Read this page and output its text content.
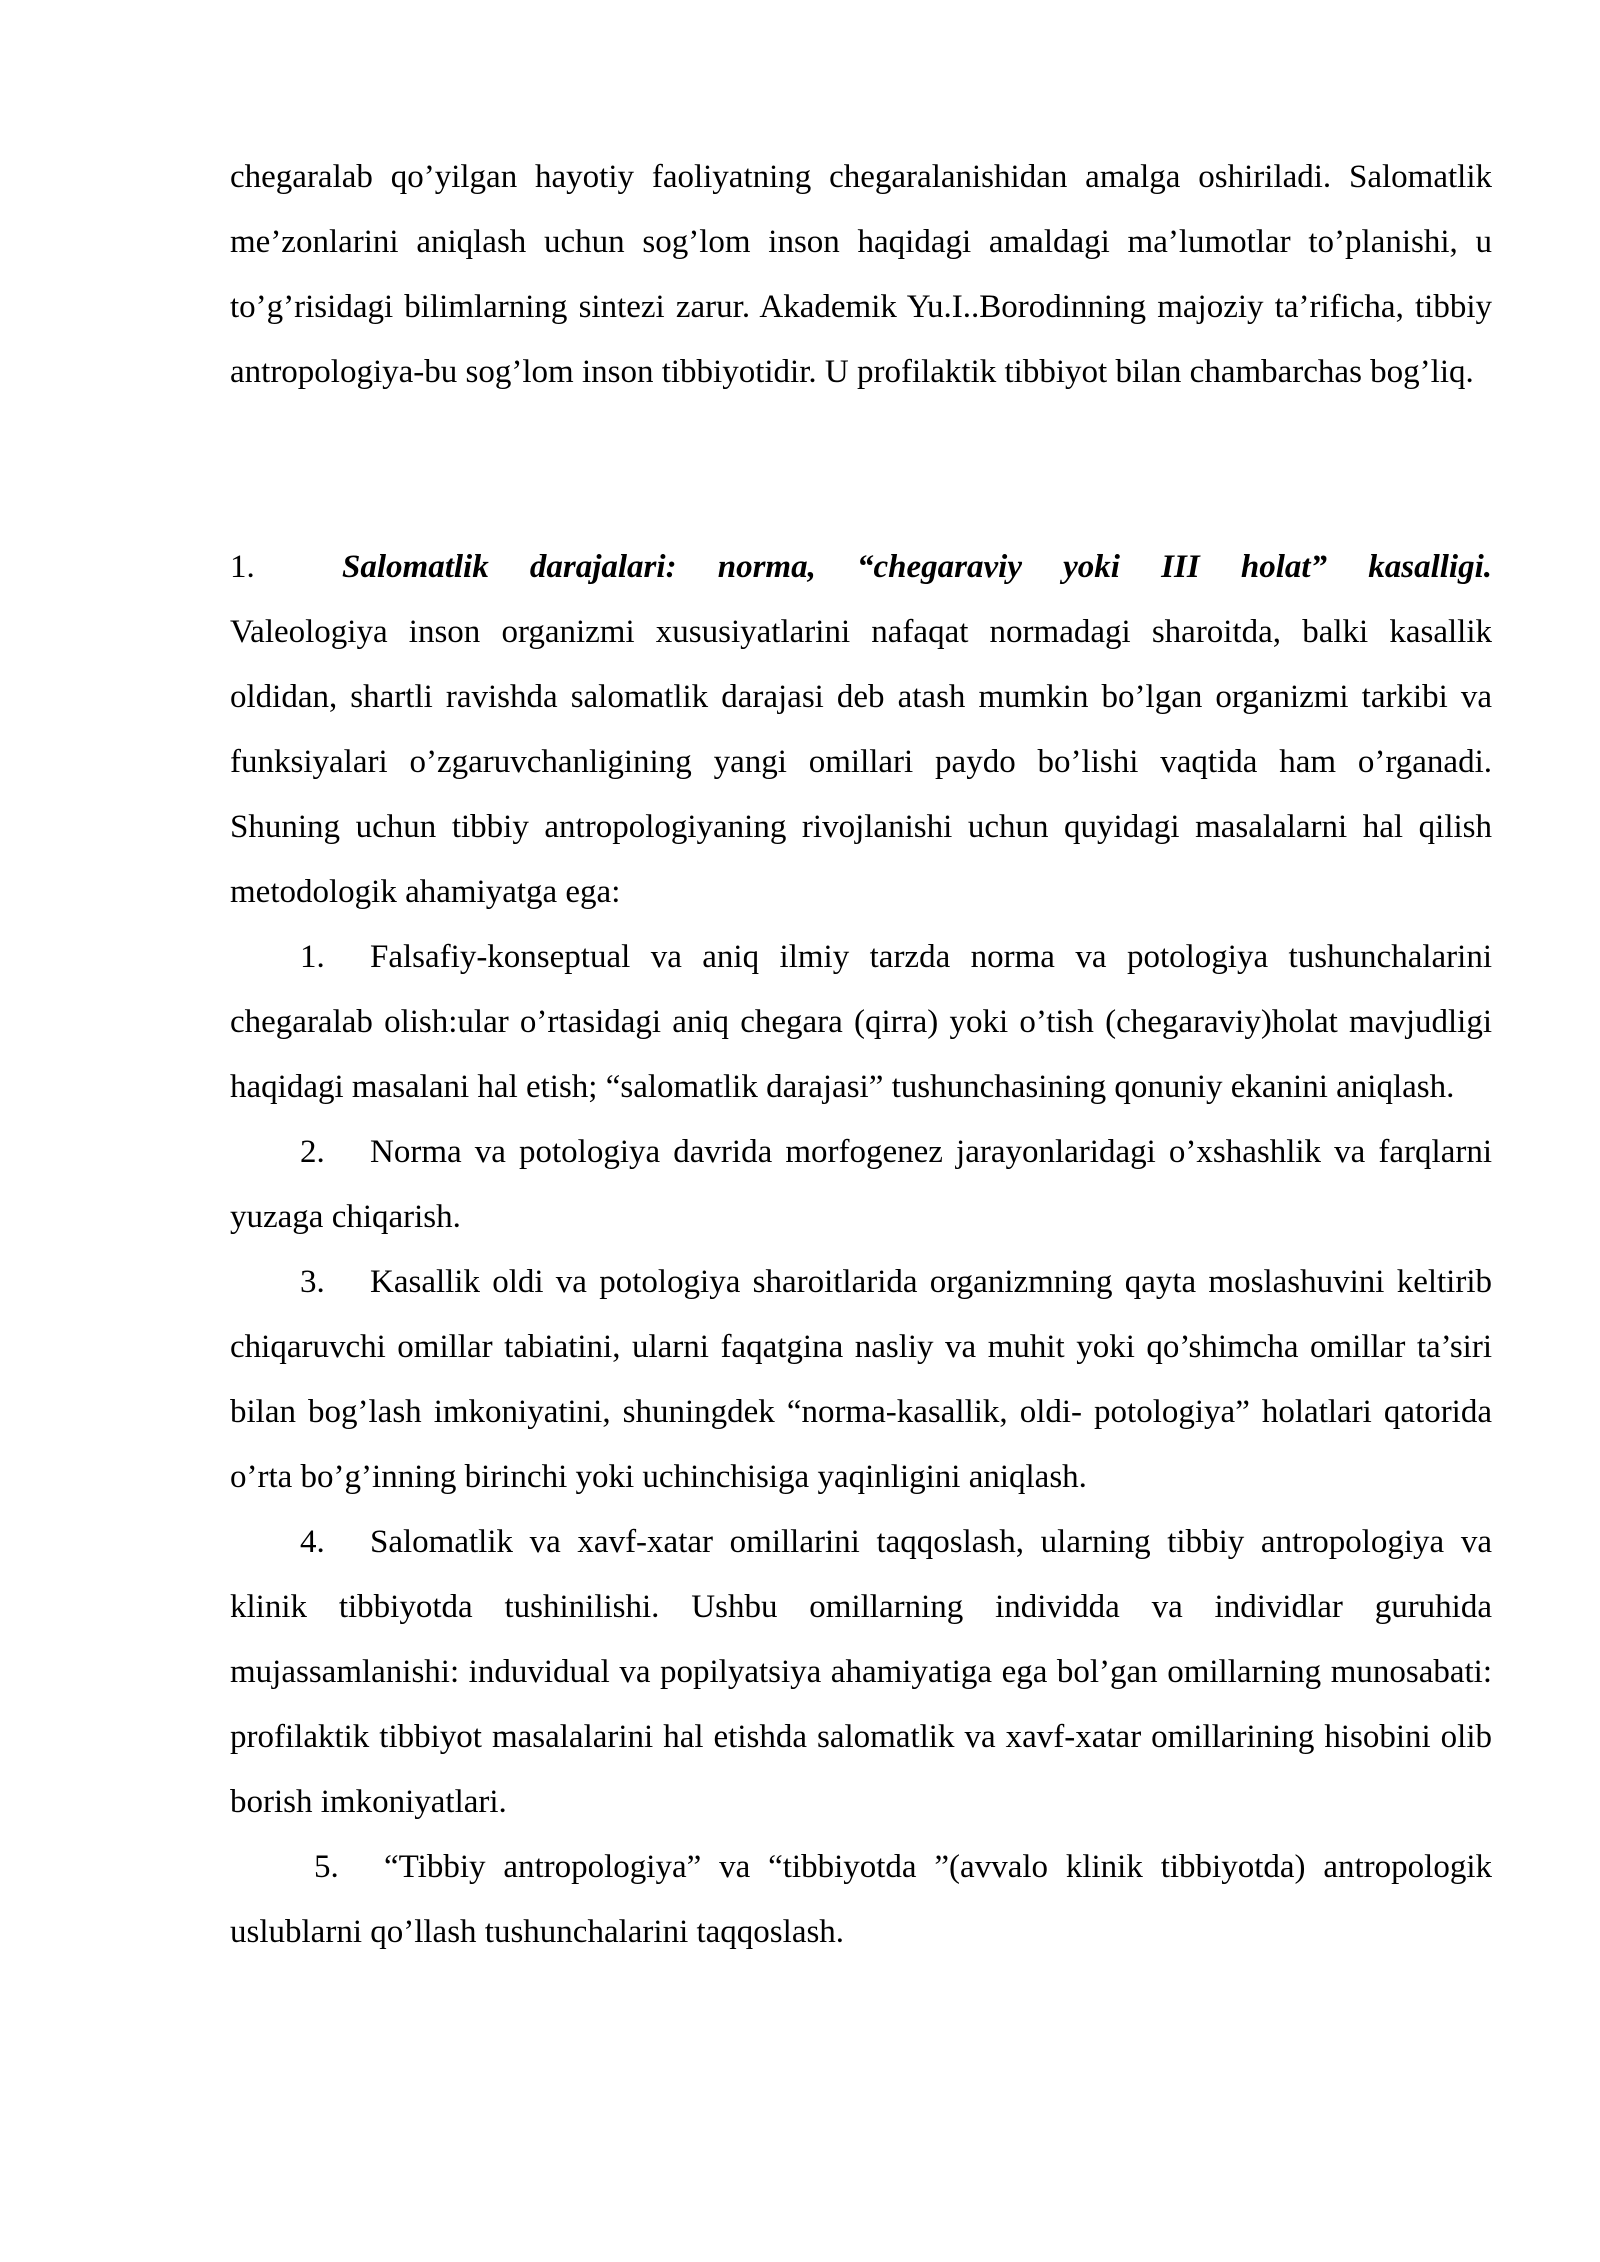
chegaralab qo’yilgan hayotiy faoliyatning chegaralanishidan amalga oshiriladi. Salomatlik me’zonlarini aniqlash uchun sog’lom inson haqidagi amaldagi ma’lumotlar to’planishi, u to’g’risidagi bilimlarning sintezi zarur. Akademik Yu.I..Borodinning majoziy ta’rificha, tibbiy antropologiya-bu sog’lom inson tibbiyotidir. U profilaktik tibbiyot bilan chambarchas bog’liq.

1.	Salomatlik darajalari: norma, “chegaraviy yoki III holat” kasalligi.

Valeologiya inson organizmi xususiyatlarini nafaqat normadagi sharoitda, balki kasallik oldidan, shartli ravishda salomatlik darajasi deb atash mumkin bo’lgan organizmi tarkibi va funksiyalari o’zgaruvchanligining yangi omillari paydo bo’lishi vaqtida ham o’rganadi. Shuning uchun tibbiy antropologiyaning rivojlanishi uchun quyidagi masalalarni hal qilish metodologik ahamiyatga ega:

1. Falsafiy-konseptual va aniq ilmiy tarzda norma va potologiya tushunchalarini chegaralab olish:ular o’rtasidagi aniq chegara (qirra) yoki o’tish (chegaraviy)holat mavjudligi haqidagi masalani hal etish; “salomatlik darajasi” tushunchasining qonuniy ekanini aniqlash.

2. Norma va potologiya davrida morfogenez jarayonlaridagi o’xshashlik va farqlarni yuzaga chiqarish.

3. Kasallik oldi va potologiya sharoitlarida organizmning qayta moslashuvini keltirib chiqaruvchi omillar tabiatini, ularni faqatgina nasliy va muhit yoki qo’shimcha omillar ta’siri bilan bog’lash imkoniyatini, shuningdek “norma-kasallik, oldi- potologiya” holatlari qatorida o’rta bo’g’inning birinchi yoki uchinchisiga yaqinligini aniqlash.

4. Salomatlik va xavf-xatar omillarini taqqoslash, ularning tibbiy antropologiya va klinik tibbiyotda tushinilishi. Ushbu omillarning individda va individlar guruhida mujassamlanishi: induvidual va popilyatsiya ahamiyatiga ega bol’gan omillarning munosabati: profilaktik tibbiyot masalalarini hal etishda salomatlik va xavf-xatar omillarining hisobini olib borish imkoniyatlari.

5. “Tibbiy antropologiya” va “tibbiyotda ”(avvalo klinik tibbiyotda) antropologik uslublarni qo’llash tushunchalarini taqqoslash.
